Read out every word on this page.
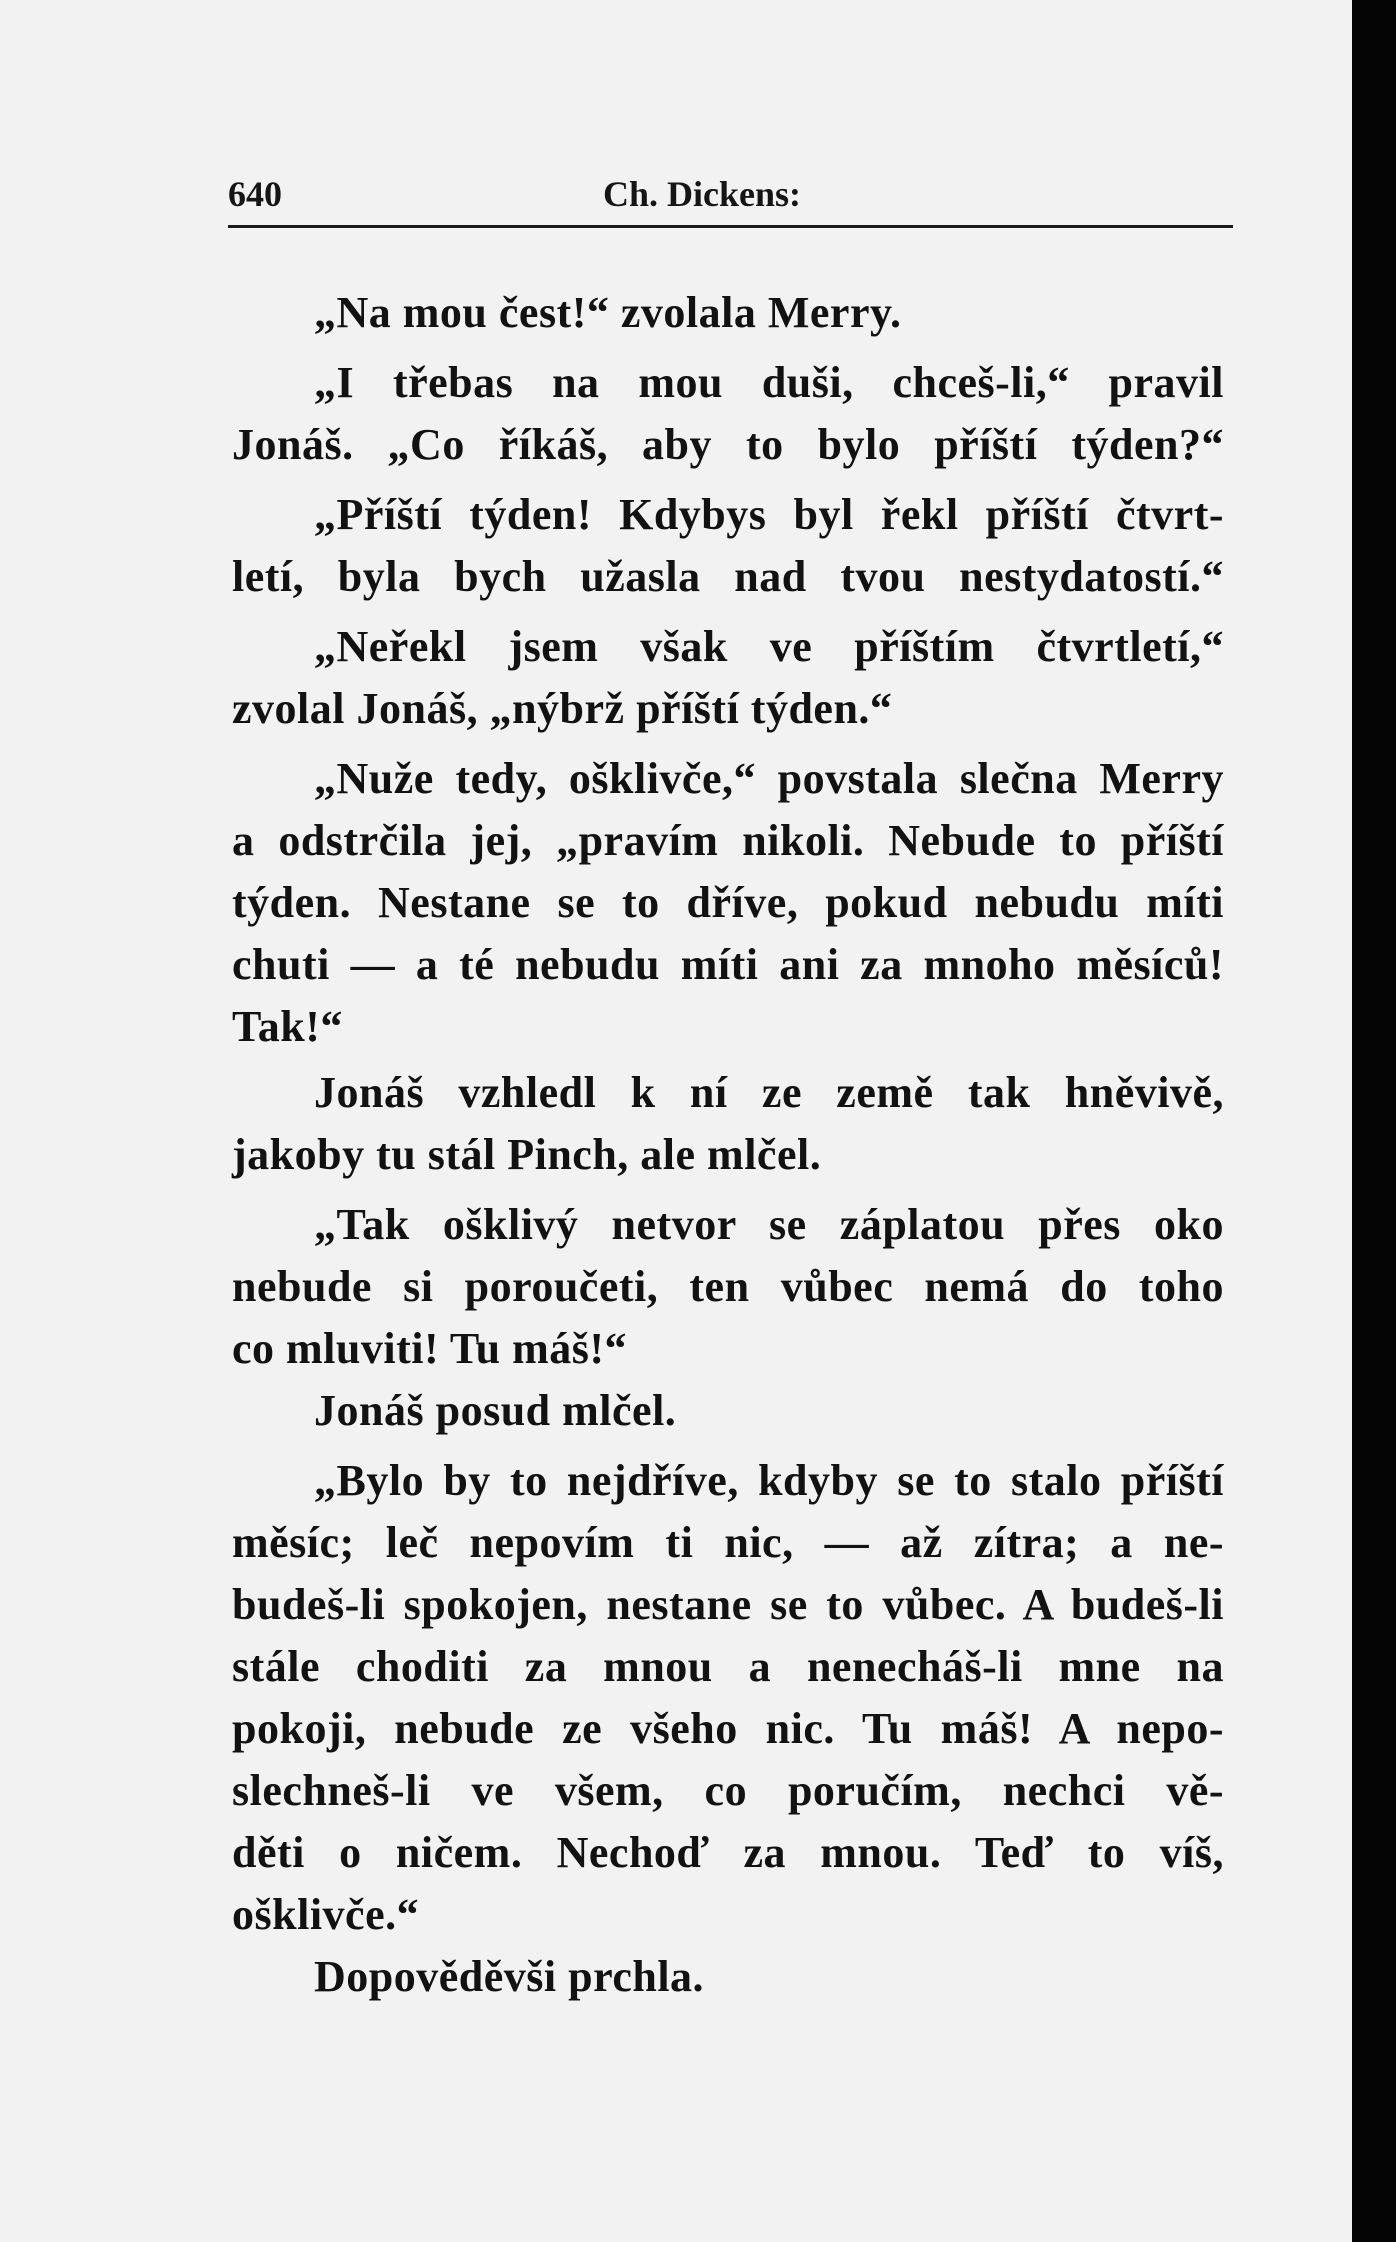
640	Ch. Dickens:
„Na mou čest!“ zvolala Merry.
„I třebas na mou duši, chceš-li,“ pravil
Jonáš. „Co říkáš, aby to bylo příští týden?“
„Příští týden! Kdybys byl řekl příští čtvrt-
letí, byla bych užasla nad tvou nestydatostí.“
„Neřekl jsem však ve příštím čtvrtletí,“
zvolal Jonáš, „nýbrž příští týden.“
„Nuže tedy, ošklivče,“ povstala slečna Merry
a odstrčila jej, „pravím nikoli. Nebude to příští
týden. Nestane se to dříve, pokud nebudu míti
chuti — a té nebudu míti ani za mnoho měsíců!
Tak!“
Jonáš vzhledl k ní ze země tak hněvivě,
jakoby tu stál Pinch, ale mlčel.
„Tak ošklivý netvor se záplatou přes oko
nebude si poroučeti, ten vůbec nemá do toho
co mluviti! Tu máš!“
Jonáš posud mlčel.
„Bylo by to nejdříve, kdyby se to stalo příští
měsíc; leč nepovím ti nic, — až zítra; a ne-
budeš-li spokojen, nestane se to vůbec. A budeš-li
stále choditi za mnou a nenecháš-li mne na
pokoji, nebude ze všeho nic. Tu máš! A nepo-
slechneš-li ve všem, co poručím, nechci vě-
děti o ničem. Nechoď za mnou. Teď to víš,
ošklivče.“
Dopověděvši prchla.
